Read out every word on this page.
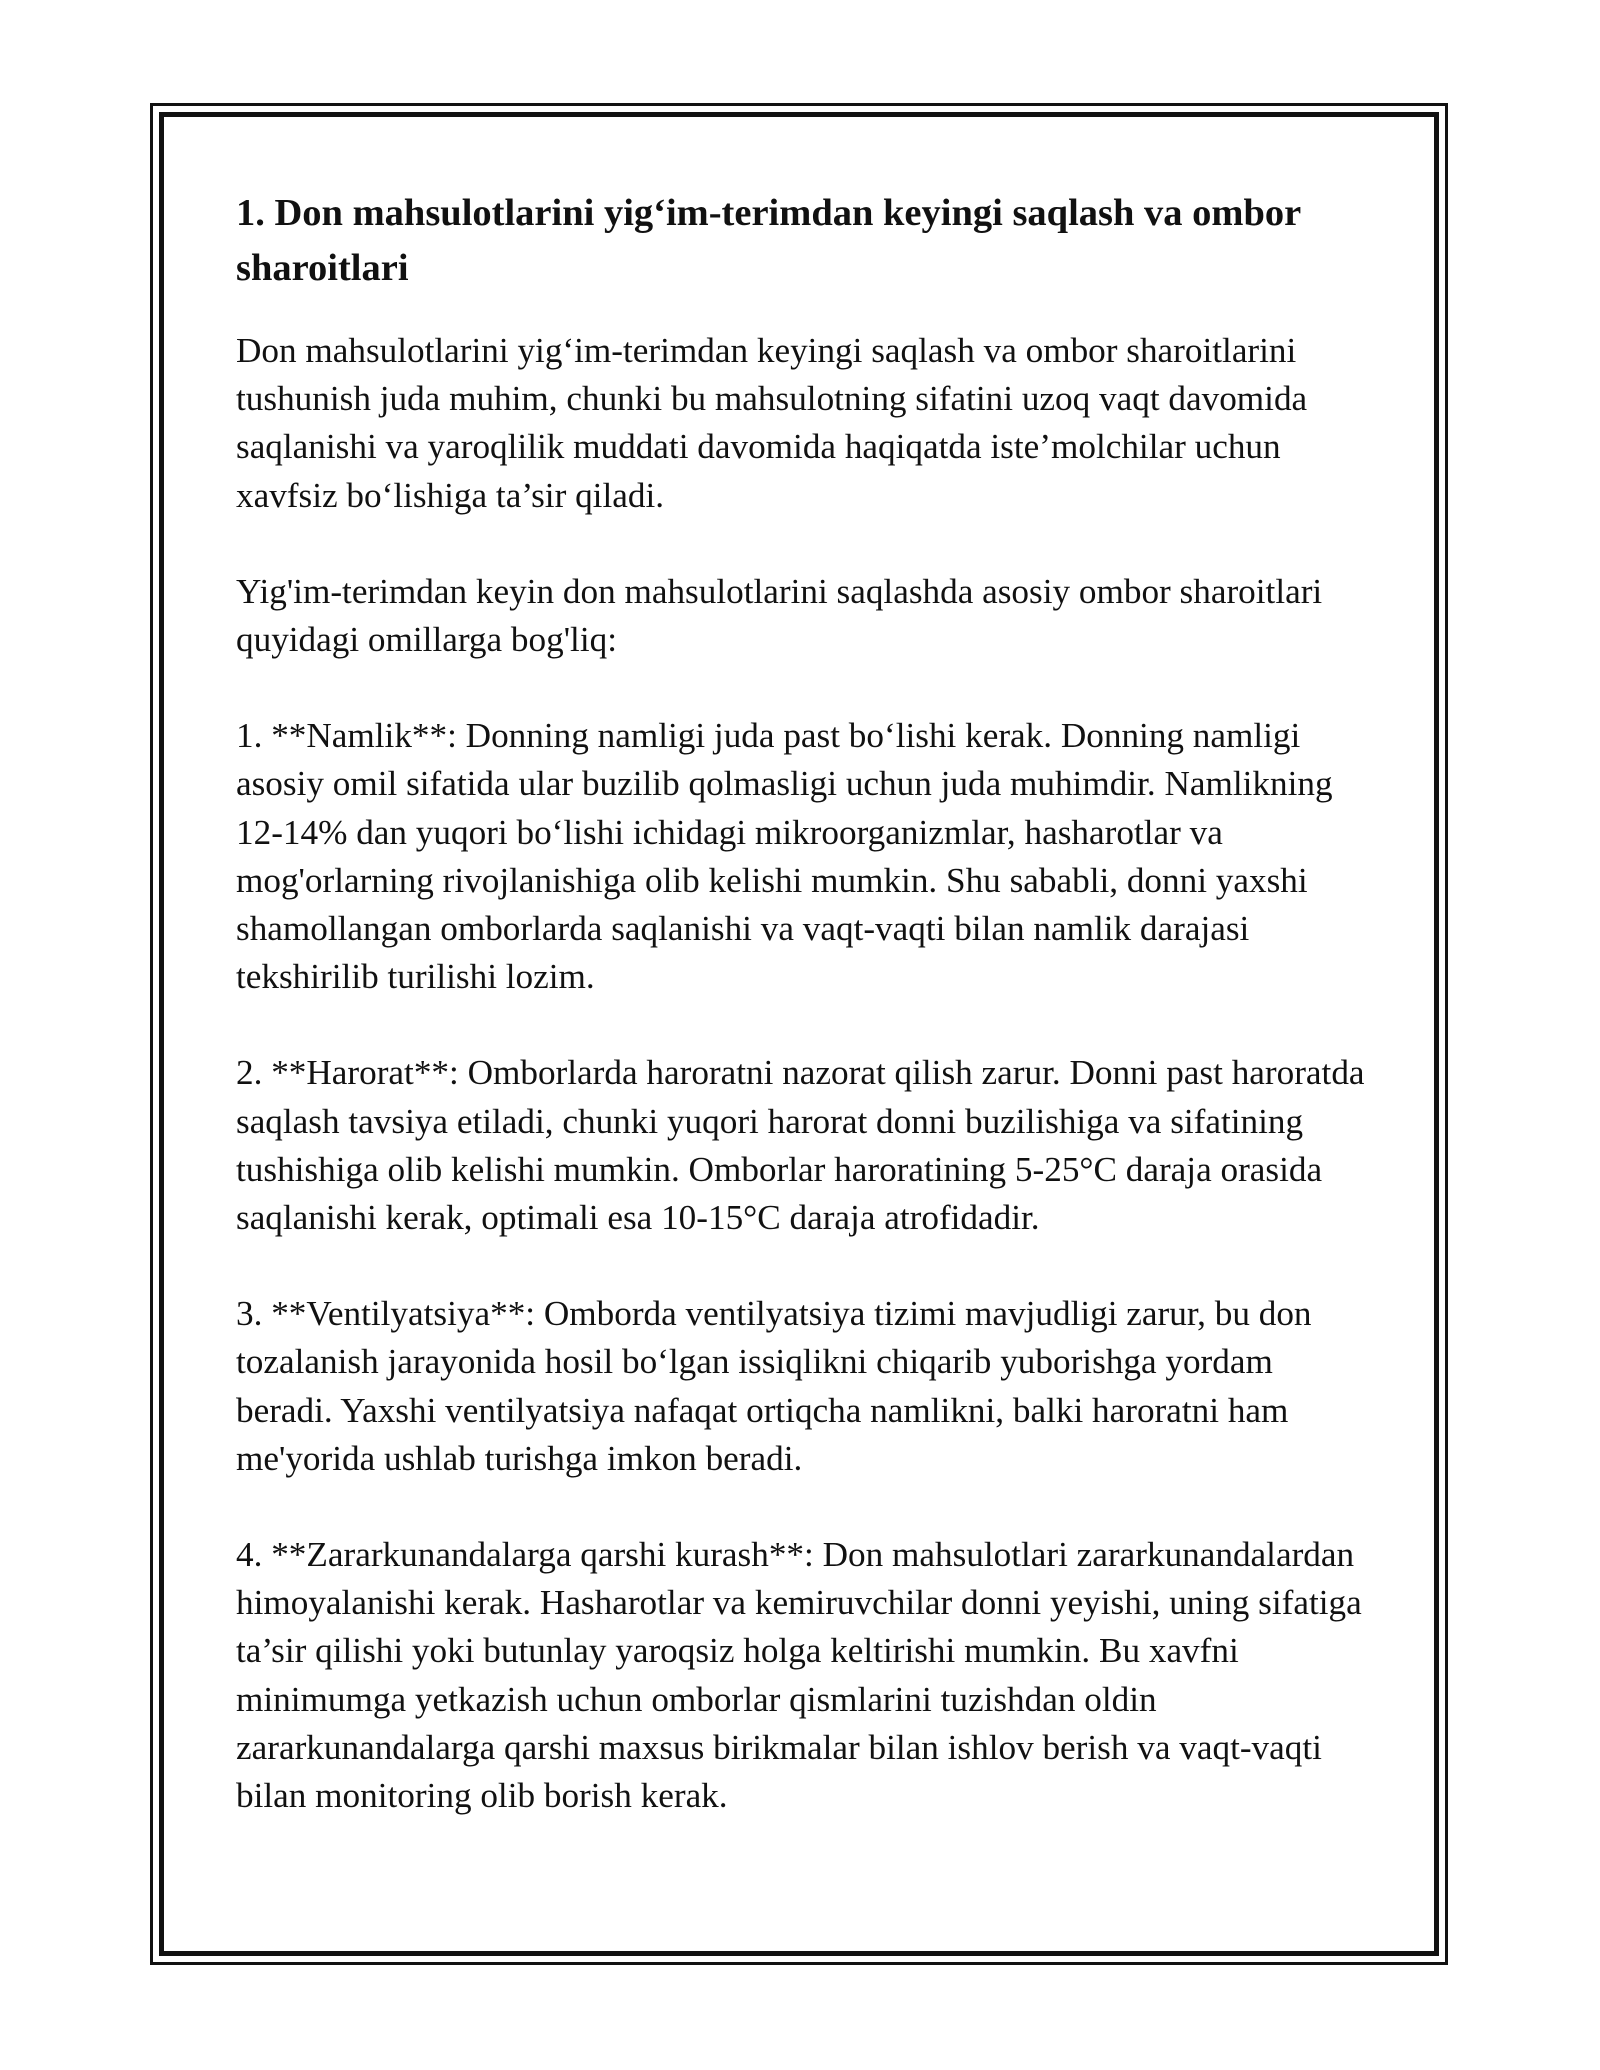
1. Don mahsulotlarini yig‘im-terimdan keyingi saqlash va ombor sharoitlari

Don mahsulotlarini yig‘im-terimdan keyingi saqlash va ombor sharoitlarini tushunish juda muhim, chunki bu mahsulotning sifatini uzoq vaqt davomida saqlanishi va yaroqlilik muddati davomida haqiqatda iste’molchilar uchun xavfsiz bo‘lishiga ta’sir qiladi.

Yig'im-terimdan keyin don mahsulotlarini saqlashda asosiy ombor sharoitlari quyidagi omillarga bog'liq:

1. **Namlik**: Donning namligi juda past bo‘lishi kerak. Donning namligi asosiy omil sifatida ular buzilib qolmasligi uchun juda muhimdir. Namlikning 12-14% dan yuqori bo‘lishi ichidagi mikroorganizmlar, hasharotlar va mog'orlarning rivojlanishiga olib kelishi mumkin. Shu sababli, donni yaxshi shamollangan omborlarda saqlanishi va vaqt-vaqti bilan namlik darajasi tekshirilib turilishi lozim.

2. **Harorat**: Omborlarda haroratni nazorat qilish zarur. Donni past haroratda saqlash tavsiya etiladi, chunki yuqori harorat donni buzilishiga va sifatining tushishiga olib kelishi mumkin. Omborlar haroratining 5-25°C daraja orasida saqlanishi kerak, optimali esa 10-15°C daraja atrofidadir.

3. **Ventilyatsiya**: Omborda ventilyatsiya tizimi mavjudligi zarur, bu don tozalanish jarayonida hosil bo‘lgan issiqlikni chiqarib yuborishga yordam beradi. Yaxshi ventilyatsiya nafaqat ortiqcha namlikni, balki haroratni ham me'yorida ushlab turishga imkon beradi.

4. **Zararkunandalarga qarshi kurash**: Don mahsulotlari zararkunandalardan himoyalanishi kerak. Hasharotlar va kemiruvchilar donni yeyishi, uning sifatiga ta’sir qilishi yoki butunlay yaroqsiz holga keltirishi mumkin. Bu xavfni minimumga yetkazish uchun omborlar qismlarini tuzishdan oldin zararkunandalarga qarshi maxsus birikmalar bilan ishlov berish va vaqt-vaqti bilan monitoring olib borish kerak.
